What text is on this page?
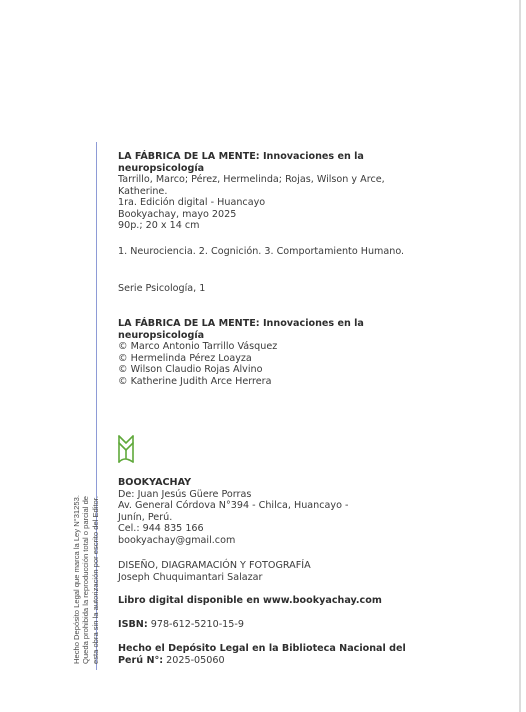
Hecho Depósito Legal que marca la Ley N°31253. Queda prohibida la reproducción total o parcial de esta obra sin la autorización por escrito del Editor.
LA FÁBRICA DE LA MENTE: Innovaciones en la
neuropsicología
Tarrillo, Marco; Pérez, Hermelinda; Rojas, Wilson y Arce,
Katherine.
1ra. Edición digital - Huancayo
Bookyachay, mayo 2025
90p.; 20 x 14 cm
1. Neurociencia. 2. Cognición. 3. Comportamiento Humano.
Serie Psicología, 1
LA FÁBRICA DE LA MENTE: Innovaciones en la
neuropsicología
© Marco Antonio Tarrillo Vásquez
© Hermelinda Pérez Loayza
© Wilson Claudio Rojas Alvino
© Katherine Judith Arce Herrera
BOOKYACHAY
De: Juan Jesús Güere Porras
Av. General Córdova N°394 - Chilca, Huancayo -
Junín, Perú.
Cel.: 944 835 166
bookyachay@gmail.com
DISEÑO, DIAGRAMACIÓN Y FOTOGRAFÍA
Joseph Chuquimantari Salazar
Libro digital disponible en www.bookyachay.com
ISBN: 978-612-5210-15-9
Hecho el Depósito Legal en la Biblioteca Nacional del
Perú N°: 2025-05060
